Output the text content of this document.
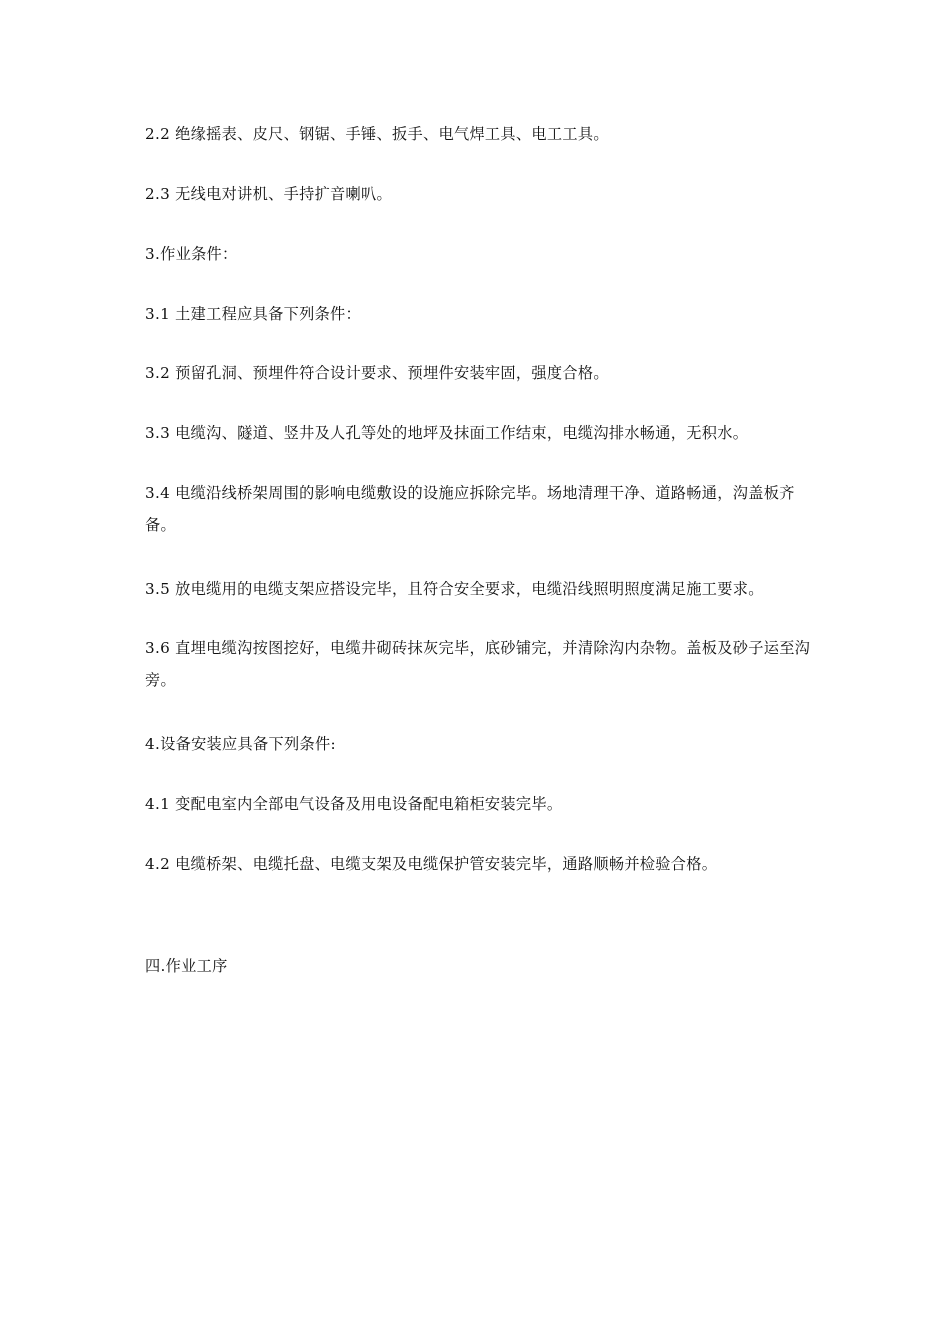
2.2 绝缘摇表、皮尺、钢锯、手锤、扳手、电气焊工具、电工工具。

2.3 无线电对讲机、手持扩音喇叭。

3.作业条件：

3.1 土建工程应具备下列条件：

3.2 预留孔洞、预埋件符合设计要求、预埋件安装牢固，强度合格。

3.3 电缆沟、隧道、竖井及人孔等处的地坪及抹面工作结束，电缆沟排水畅通，无积水。

3.4 电缆沿线桥架周围的影响电缆敷设的设施应拆除完毕。场地清理干净、道路畅通，沟盖板齐备。

3.5 放电缆用的电缆支架应搭设完毕，且符合安全要求，电缆沿线照明照度满足施工要求。

3.6 直埋电缆沟按图挖好，电缆井砌砖抹灰完毕，底砂铺完，并清除沟内杂物。盖板及砂子运至沟旁。

4.设备安装应具备下列条件:

4.1 变配电室内全部电气设备及用电设备配电箱柜安装完毕。

4.2 电缆桥架、电缆托盘、电缆支架及电缆保护管安装完毕，通路顺畅并检验合格。

四.作业工序
